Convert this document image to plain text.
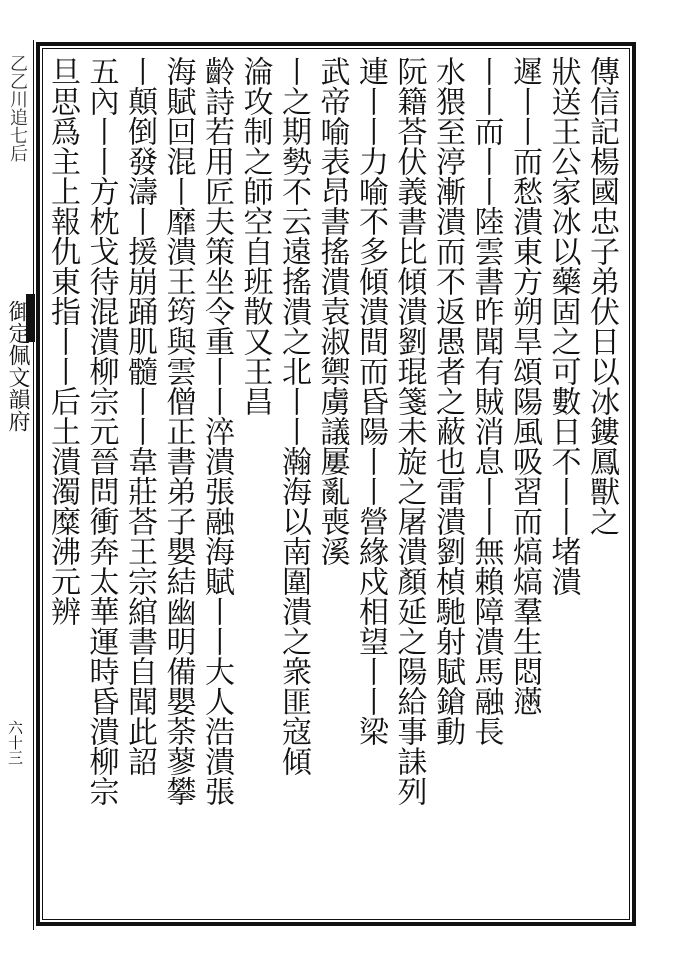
乙乙川追七后
御定佩文韻府
六十三
傳信記楊國忠子弟伏日以冰鏤鳳獸之
狀送王公家冰以藥固之可數日不丨丨堵潰
遲丨丨而愁潰東方朔旱頌陽風吸習而熇熇羣生悶懣
丨丨而丨丨陸雲書昨聞有賊消息丨丨無賴障潰馬融長
水猥至渟漸潰而不返愚者之蔽也雷潰劉楨馳射賦鎗動
阮籍荅伏義書比傾潰劉琨箋未旋之屠潰顏延之陽給事誄列
連丨丨力喻不多傾潰間而昏陽丨丨營緣戍相望丨丨梁
武帝喻表昂書搖潰袁淑禦虜議屢亂喪溪
丨之期勢不云遠搖潰之北丨丨瀚海以南圍潰之衆匪寇傾
淪攻制之師空自班散又王昌
齡詩若用匠夫策坐令重丨丨淬潰張融海賦丨丨大人浩潰張
海賦回混丨靡潰王筠與雲僧正書弟子嬰結幽明備嬰荼蓼攀
丨顛倒發濤丨援崩踊肌髓丨丨韋莊荅王宗綰書自聞此詔
五內丨丨方枕戈待混潰柳宗元晉問衝奔太華運時昏潰柳宗
旦思爲主上報仇東指丨丨后土潰濁糜沸元辨
